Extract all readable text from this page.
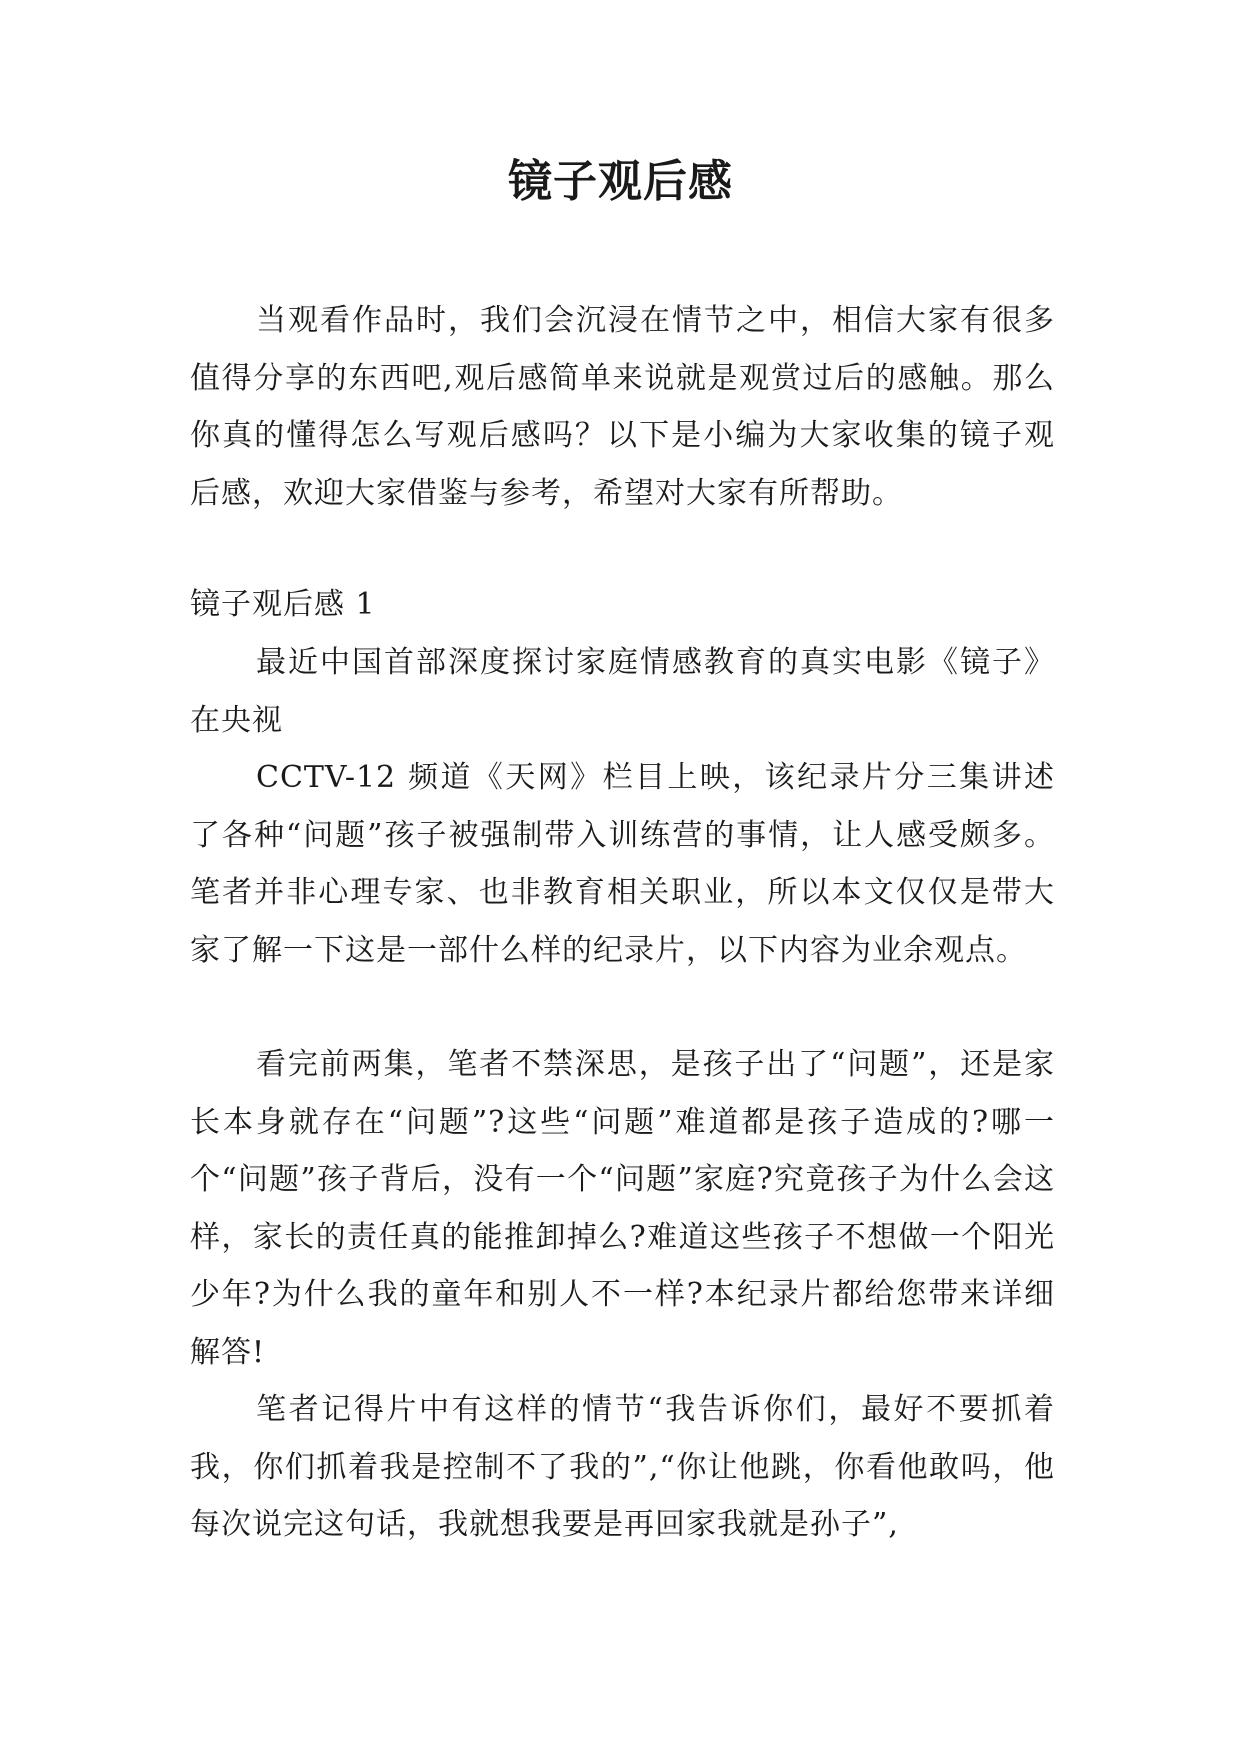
镜子观后感

当观看作品时，我们会沉浸在情节之中，相信大家有很多值得分享的东西吧,观后感简单来说就是观赏过后的感触。那么你真的懂得怎么写观后感吗？以下是小编为大家收集的镜子观后感，欢迎大家借鉴与参考，希望对大家有所帮助。

镜子观后感 1

最近中国首部深度探讨家庭情感教育的真实电影《镜子》在央视

CCTV-12 频道《天网》栏目上映，该纪录片分三集讲述了各种“问题”孩子被强制带入训练营的事情，让人感受颇多。笔者并非心理专家、也非教育相关职业，所以本文仅仅是带大家了解一下这是一部什么样的纪录片，以下内容为业余观点。

看完前两集，笔者不禁深思，是孩子出了“问题”，还是家长本身就存在“问题”?这些“问题”难道都是孩子造成的?哪一个“问题”孩子背后，没有一个“问题”家庭?究竟孩子为什么会这样，家长的责任真的能推卸掉么?难道这些孩子不想做一个阳光少年?为什么我的童年和别人不一样?本纪录片都给您带来详细解答!

笔者记得片中有这样的情节“我告诉你们，最好不要抓着我，你们抓着我是控制不了我的”,“你让他跳，你看他敢吗，他每次说完这句话，我就想我要是再回家我就是孙子”,
